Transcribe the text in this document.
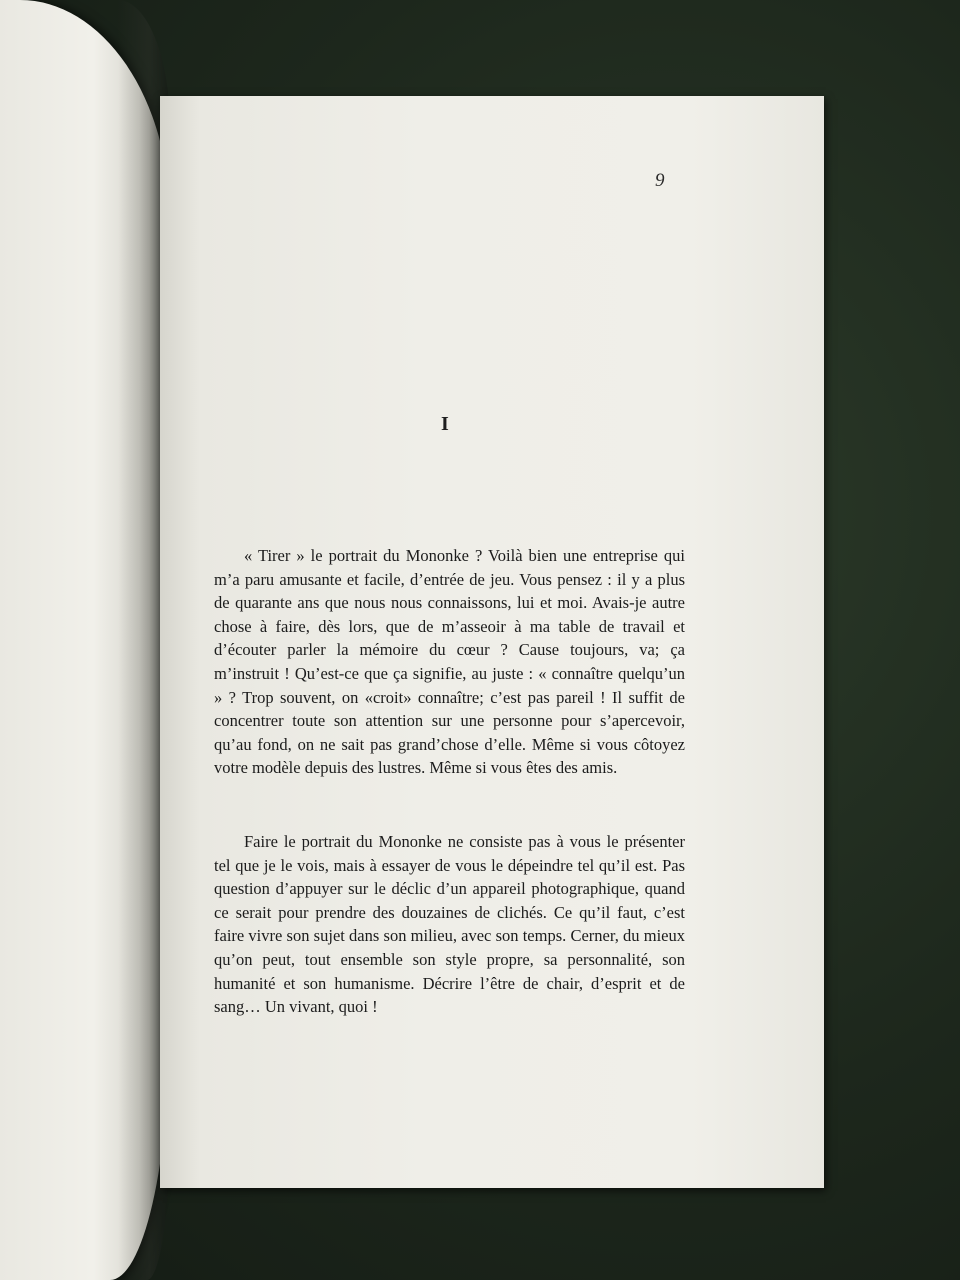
9
I

« Tirer » le portrait du Mononke ? Voilà bien une entreprise qui m’a paru amusante et facile, d’entrée de jeu. Vous pensez : il y a plus de quarante ans que nous nous connaissons, lui et moi. Avais-je autre chose à faire, dès lors, que de m’asseoir à ma table de travail et d’écouter parler la mémoire du cœur ? Cause toujours, va; ça m’instruit ! Qu’est-ce que ça signifie, au juste : « connaître quelqu’un » ? Trop souvent, on «croit» connaître; c’est pas pareil ! Il suffit de concentrer toute son attention sur une personne pour s’apercevoir, qu’au fond, on ne sait pas grand’chose d’elle. Même si vous côtoyez votre modèle depuis des lustres. Même si vous êtes des amis.

Faire le portrait du Mononke ne consiste pas à vous le présenter tel que je le vois, mais à essayer de vous le dépeindre tel qu’il est. Pas question d’appuyer sur le déclic d’un appareil photographique, quand ce serait pour prendre des douzaines de clichés. Ce qu’il faut, c’est faire vivre son sujet dans son milieu, avec son temps. Cerner, du mieux qu’on peut, tout ensemble son style propre, sa personnalité, son humanité et son humanisme. Décrire l’être de chair, d’esprit et de sang… Un vivant, quoi !
